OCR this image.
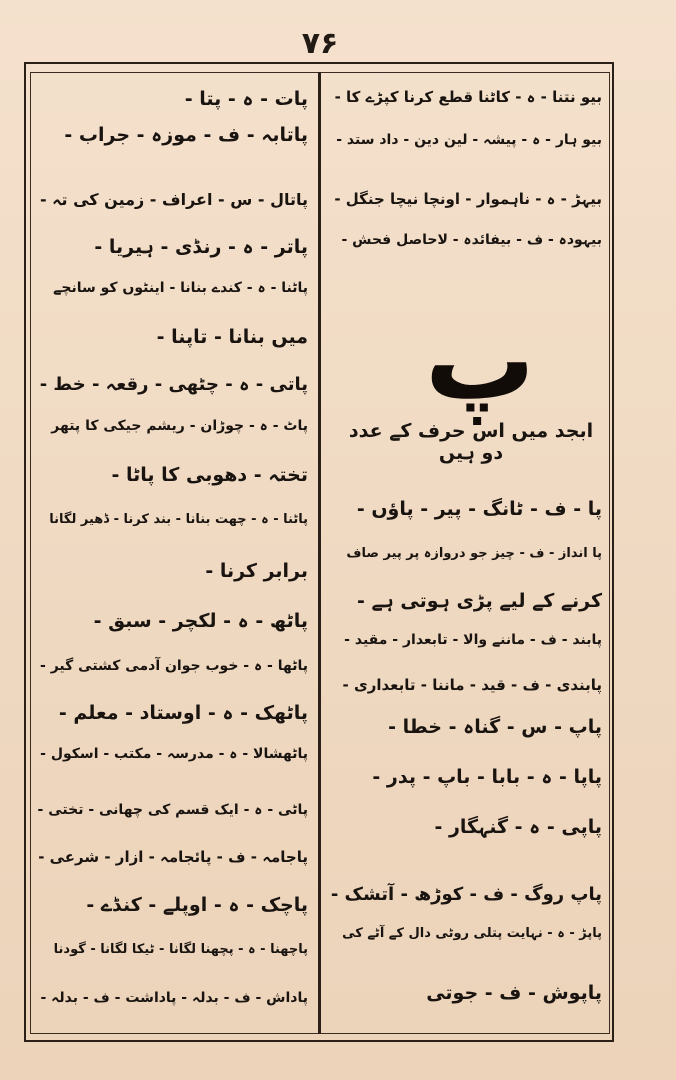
۷۶
بیو نتنا - ہ - کاٹنا قطع کرنا کپڑے کا -
بیو ہار - ہ - پیشہ - لین دین - داد ستد -
بیہڑ - ہ - ناہموار - اونچا نیچا جنگل -
بیہودہ - ف - بیفائدہ - لاحاصل فحش -
پا - ف - ٹانگ - پیر - پاؤں -
پا انداز - ف - چیز جو دروازہ پر پیر صاف
کرنے کے لیے پڑی ہوتی ہے -
پابند - ف - ماننے والا - تابعدار - مقید -
پابندی - ف - قید - ماننا - تابعداری -
پاپ - س - گناہ - خطا -
پاپا - ہ - بابا - باپ - پدر -
پاپی - ہ - گنہگار -
پاپ روگ - ف - کوڑھ - آتشک -
پاپڑ - ہ - نہایت پتلی روٹی دال کے آٹے کی
پاپوش - ف - جوتی
پ
ابجد میں اس حرف کے عدد دو ہیں
پات - ہ - پتا -
پاتابہ - ف - موزہ - جراب -
پاتال - س - اعراف - زمین کی تہ -
پاتر - ہ - رنڈی - ہیریا -
پاٹنا - ہ - کندے بنانا - اینٹوں کو سانچے
میں بنانا - تاپنا -
پاتی - ہ - چٹھی - رقعہ - خط -
پاٹ - ہ - چوڑان - ریشم جیکی کا پتھر
تختہ - دھوبی کا پاٹا -
پاٹنا - ہ - چھت بنانا - بند کرنا - ڈھیر لگانا
برابر کرنا -
پاٹھ - ہ - لکچر - سبق -
پاٹھا - ہ - خوب جوان آدمی کشتی گیر -
پاٹھک - ہ - اوستاد - معلم -
پاٹھشالا - ہ - مدرسہ - مکتب - اسکول -
پاٹی - ہ - ایک قسم کی چھانی - تختی -
پاجامہ - ف - پائجامہ - ازار - شرعی -
پاچک - ہ - اوپلے - کنڈے -
پاچھنا - ہ - پچھنا لگانا - ٹیکا لگانا - گودنا
پاداش - ف - بدلہ - پاداشت - ف - بدلہ -
